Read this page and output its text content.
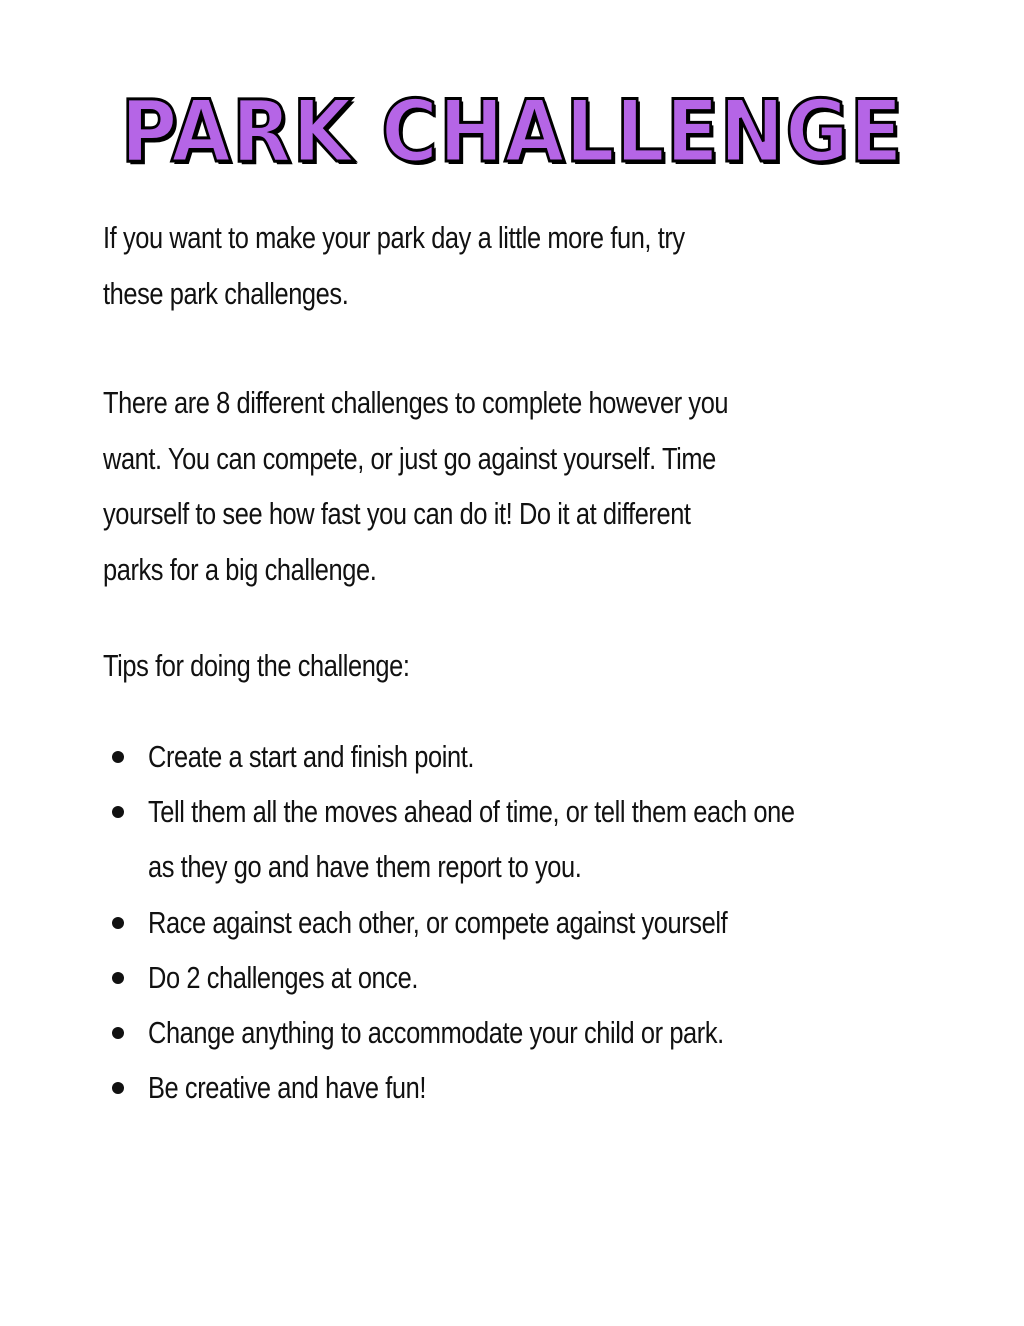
PARK CHALLENGE

If you want to make your park day a little more fun, try
these park challenges.

There are 8 different challenges to complete however you
want. You can compete, or just go against yourself. Time
yourself to see how fast you can do it! Do it at different
parks for a big challenge.

Tips for doing the challenge:

Create a start and finish point.
Tell them all the moves ahead of time, or tell them each one
as they go and have them report to you.
Race against each other, or compete against yourself
Do 2 challenges at once.
Change anything to accommodate your child or park.
Be creative and have fun!
